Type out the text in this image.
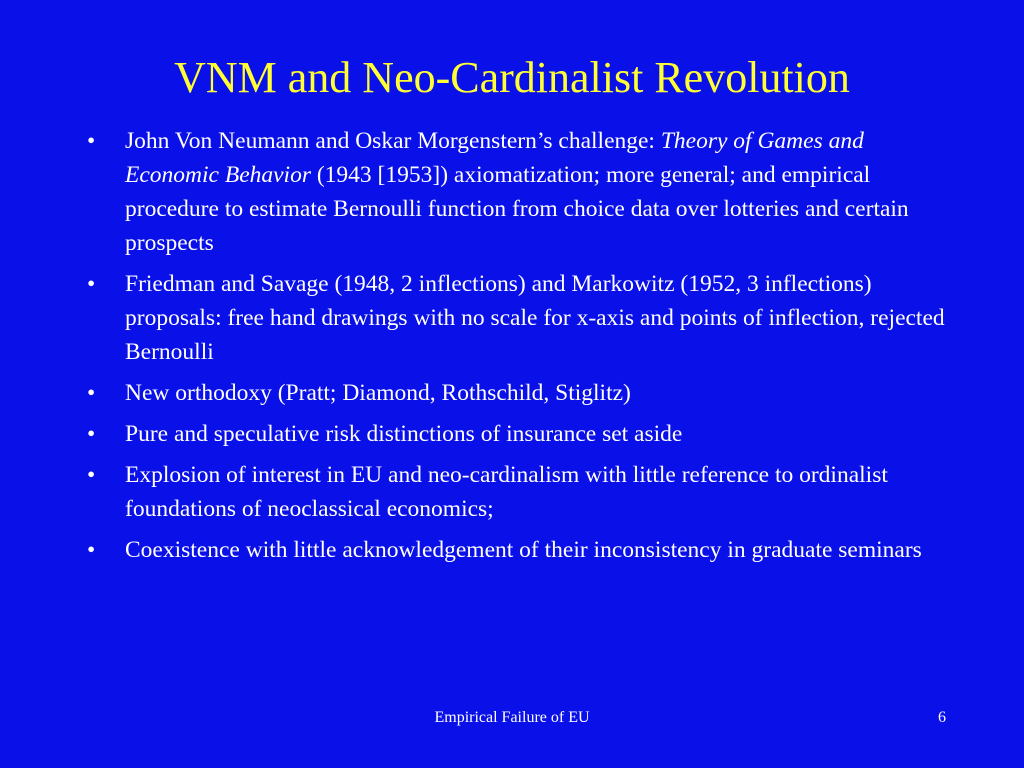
VNM and Neo-Cardinalist Revolution
• John Von Neumann and Oskar Morgenstern’s challenge: Theory of Games and Economic Behavior (1943 [1953]) axiomatization; more general; and empirical procedure to estimate Bernoulli function from choice data over lotteries and certain prospects
• Friedman and Savage (1948, 2 inflections) and Markowitz (1952, 3 inflections) proposals: free hand drawings with no scale for x-axis and points of inflection, rejected Bernoulli
• New orthodoxy (Pratt; Diamond, Rothschild, Stiglitz)
• Pure and speculative risk distinctions of insurance set aside
• Explosion of interest in EU and neo-cardinalism with little reference to ordinalist foundations of neoclassical economics;
• Coexistence with little acknowledgement of their inconsistency in graduate seminars
Empirical Failure of EU	6
